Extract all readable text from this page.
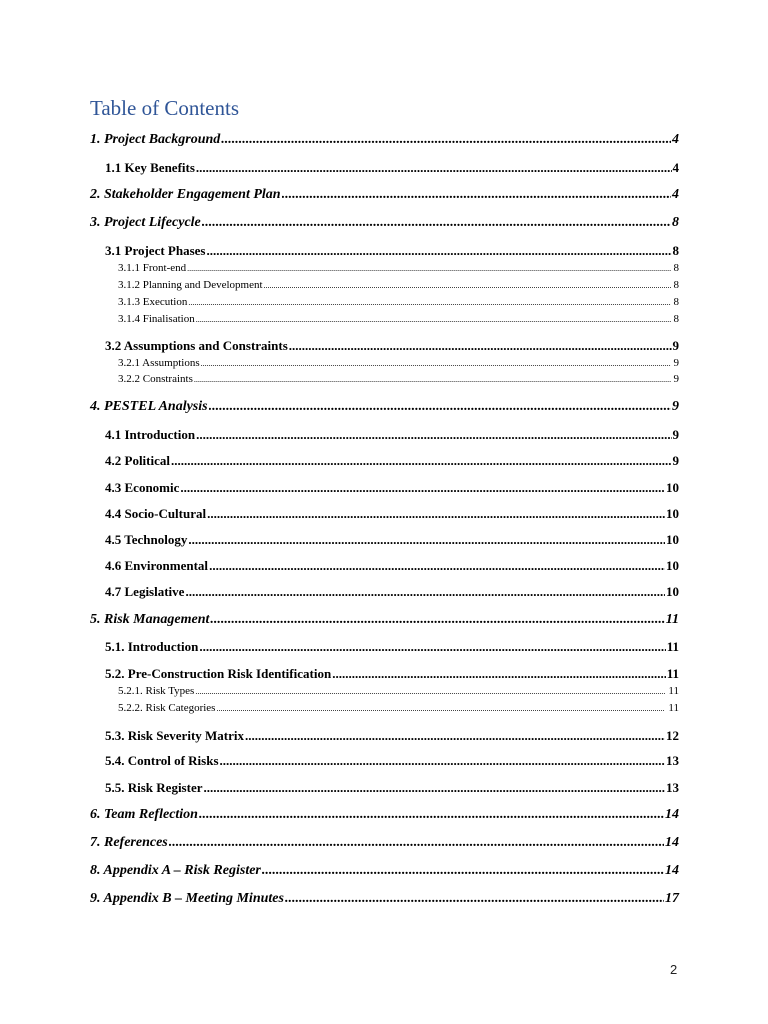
Table of Contents
1. Project Background .....	4
1.1 Key Benefits .....	4
2. Stakeholder Engagement Plan .....	4
3. Project Lifecycle .....	8
3.1 Project Phases .....	8
3.1.1 Front-end .....	8
3.1.2 Planning and Development .....	8
3.1.3 Execution .....	8
3.1.4 Finalisation .....	8
3.2 Assumptions and Constraints .....	9
3.2.1 Assumptions .....	9
3.2.2 Constraints .....	9
4. PESTEL Analysis .....	9
4.1 Introduction .....	9
4.2 Political .....	9
4.3 Economic .....	10
4.4 Socio-Cultural .....	10
4.5 Technology .....	10
4.6 Environmental .....	10
4.7 Legislative .....	10
5. Risk Management .....	11
5.1. Introduction .....	11
5.2. Pre-Construction Risk Identification .....	11
5.2.1. Risk Types .....	11
5.2.2. Risk Categories .....	11
5.3. Risk Severity Matrix .....	12
5.4. Control of Risks .....	13
5.5. Risk Register .....	13
6. Team Reflection .....	14
7. References .....	14
8. Appendix A – Risk Register .....	14
9. Appendix B – Meeting Minutes .....	17
2
